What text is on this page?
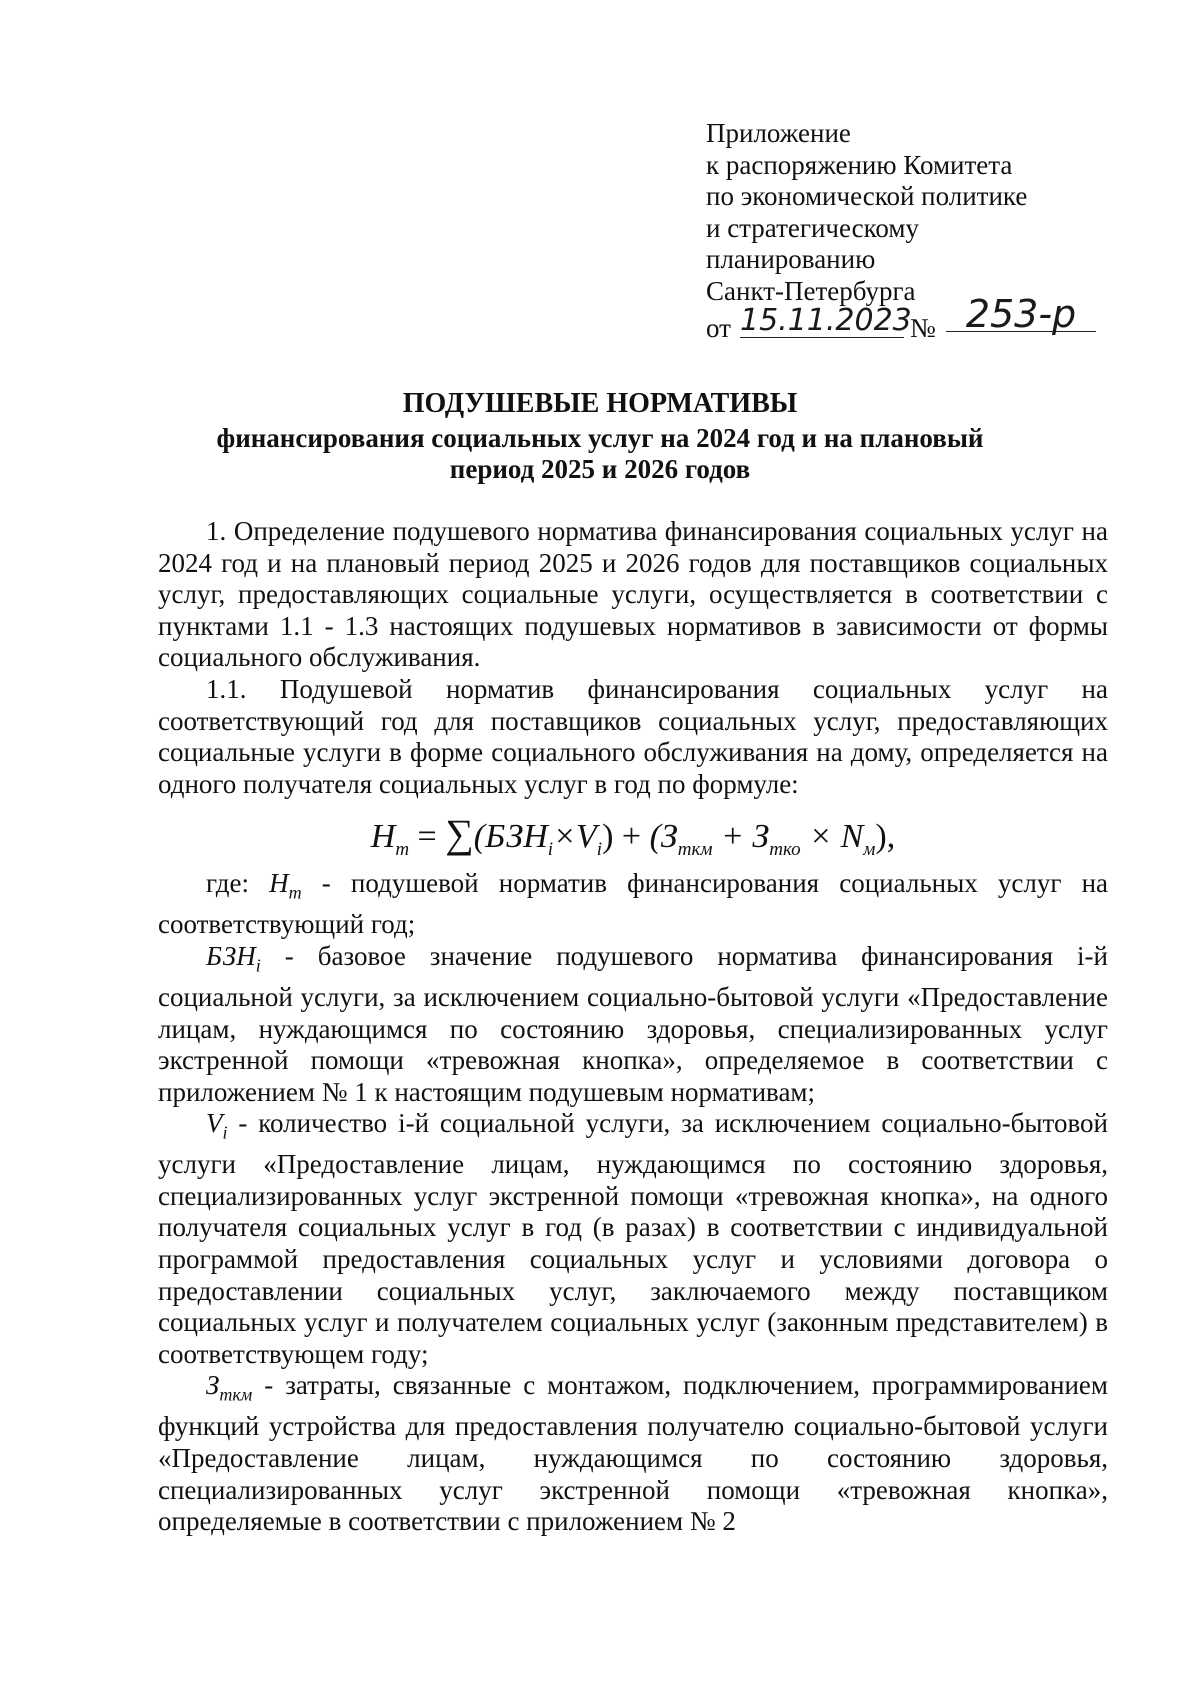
Приложение
к распоряжению Комитета
по экономической политике
и стратегическому
планированию
Санкт-Петербурга
от 15.11.2023
№ 253-р
ПОДУШЕВЫЕ НОРМАТИВЫ
финансирования социальных услуг на 2024 год и на плановый
период 2025 и 2026 годов

1. Определение подушевого норматива финансирования социальных услуг на 2024 год и на плановый период 2025 и 2026 годов для поставщиков социальных услуг, предоставляющих социальные услуги, осуществляется в соответствии с пунктами 1.1 - 1.3 настоящих подушевых нормативов в зависимости от формы социального обслуживания.

1.1. Подушевой норматив финансирования социальных услуг на соответствующий год для поставщиков социальных услуг, предоставляющих социальные услуги в форме социального обслуживания на дому, определяется на одного получателя социальных услуг в год по формуле:

$H_m = \sum(БЗН_i\times V_i) + (З_{ткм} + З_{тко} \times N_м)$,

где: $Н_m$ - подушевой норматив финансирования социальных услуг на соответствующий год;

$БЗН_i$ - базовое значение подушевого норматива финансирования i-й социальной услуги, за исключением социально-бытовой услуги «Предоставление лицам, нуждающимся по состоянию здоровья, специализированных услуг экстренной помощи «тревожная кнопка», определяемое в соответствии с приложением № 1 к настоящим подушевым нормативам;

$V_i$ - количество i-й социальной услуги, за исключением социально-бытовой услуги «Предоставление лицам, нуждающимся по состоянию здоровья, специализированных услуг экстренной помощи «тревожная кнопка», на одного получателя социальных услуг в год (в разах) в соответствии с индивидуальной программой предоставления социальных услуг и условиями договора о предоставлении социальных услуг, заключаемого между поставщиком социальных услуг и получателем социальных услуг (законным представителем) в соответствующем году;

$З_{ткм}$ - затраты, связанные с монтажом, подключением, программированием функций устройства для предоставления получателю социально-бытовой услуги «Предоставление лицам, нуждающимся по состоянию здоровья, специализированных услуг экстренной помощи «тревожная кнопка», определяемые в соответствии с приложением № 2
